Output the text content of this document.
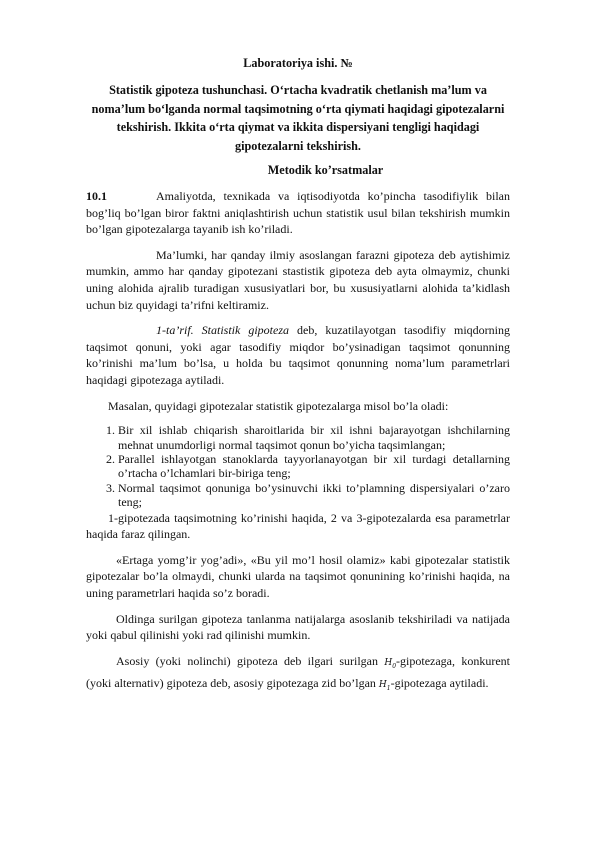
Laboratoriya ishi. №
Statistik gipoteza tushunchasi. O‘rtacha kvadratik chetlanish ma’lum va noma’lum bo‘lganda normal taqsimotning o‘rta qiymati haqidagi gipotezalarni tekshirish. Ikkita o‘rta qiymat va ikkita dispersiyani tengligi haqidagi gipotezalarni tekshirish.
Metodik ko’rsatmalar

10.1	Amaliyotda, texnikada va iqtisodiyotda ko’pincha tasodifiylik bilan bog’liq bo’lgan biror faktni aniqlashtirish uchun statistik usul bilan tekshirish mumkin bo’lgan gipotezalarga tayanib ish ko’riladi.

Ma’lumki, har qanday ilmiy asoslangan farazni gipoteza deb aytishimiz mumkin, ammo har qanday gipotezani stastistik gipoteza deb ayta olmaymiz, chunki uning alohida ajralib turadigan xususiyatlari bor, bu xususiyatlarni alohida ta’kidlash uchun biz quyidagi ta’rifni keltiramiz.

1-ta’rif. Statistik gipoteza deb, kuzatilayotgan tasodifiy miqdorning taqsimot qonuni, yoki agar tasodifiy miqdor bo’ysinadigan taqsimot qonunning ko’rinishi ma’lum bo’lsa, u holda bu taqsimot qonunning noma’lum parametrlari haqidagi gipotezaga aytiladi.

Masalan, quyidagi gipotezalar statistik gipotezalarga misol bo’la oladi:

1. Bir xil ishlab chiqarish sharoitlarida bir xil ishni bajarayotgan ishchilarning mehnat unumdorligi normal taqsimot qonun bo’yicha taqsimlangan;
2. Parallel ishlayotgan stanoklarda tayyorlanayotgan bir xil turdagi detallarning o’rtacha o’lchamlari bir-biriga teng;
3. Normal taqsimot qonuniga bo’ysinuvchi ikki to’plamning dispersiyalari o’zaro teng;

1-gipotezada taqsimotning ko’rinishi haqida, 2 va 3-gipotezalarda esa parametrlar haqida faraz qilingan.

«Ertaga yomg’ir yog’adi», «Bu yil mo’l hosil olamiz» kabi gipotezalar statistik gipotezalar bo’la olmaydi, chunki ularda na taqsimot qonunining ko’rinishi haqida, na uning parametrlari haqida so’z boradi.

Oldinga surilgan gipoteza tanlanma natijalarga asoslanib tekshiriladi va natijada yoki qabul qilinishi yoki rad qilinishi mumkin.

Asosiy (yoki nolinchi) gipoteza deb ilgari surilgan $H_0$-gipotezaga, konkurent (yoki alternativ) gipoteza deb, asosiy gipotezaga zid bo’lgan $H_1$-gipotezaga aytiladi.
